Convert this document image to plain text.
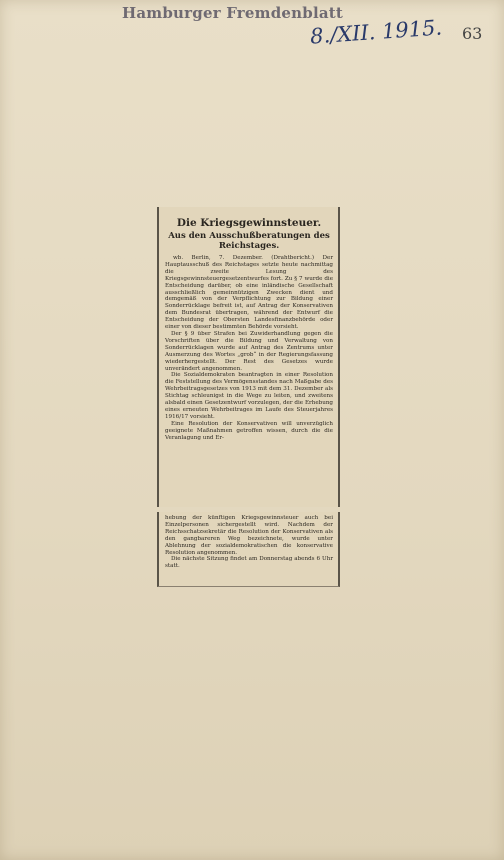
Hamburger Fremdenblatt
8./XII. 1915. 63
Die Kriegsgewinnsteuer.
Aus den Ausschußberatungen des Reichstages.

wb. Berlin, 7. Dezember. (Drahtbericht.) Der Hauptausschuß des Reichstages setzte heute nachmittag die zweite Lesung des Kriegsgewinnsteuergesetzentwurfes fort. Zu § 7 wurde die Entscheidung darüber, ob eine inländische Gesellschaft ausschließlich gemeinnützigen Zwecken dient und demgemäß von der Verpflichtung zur Bildung einer Sonderrücklage befreit ist, auf Antrag der Konservativen dem Bundesrat übertragen, während der Entwurf die Entscheidung der Obersten Landesfinanzbehörde oder einer von dieser bestimmten Behörde vorsieht.

Der § 9 über Strafen bei Zuwiderhandlung gegen die Vorschriften über die Bildung und Verwaltung von Sonderrücklagen wurde auf Antrag des Zentrums unter Ausmerzung des Wortes „grob“ in der Regierungsfassung wiederhergestellt. Der Rest des Gesetzes wurde unverändert angenommen.

Die Sozialdemokraten beantragten in einer Resolution die Feststellung des Vermögensstandes nach Maßgabe des Wehrbeitragsgesetzes von 1913 mit dem 31. Dezember als Stichtag schleunigst in die Wege zu leiten, und zweitens alsbald einen Gesetzentwurf vorzulegen, der die Erhebung eines erneuten Wehrbeitrages im Laufe des Steuerjahres 1916/17 vorsieht.

Eine Resolution der Konservativen will unverzüglich geeignete Maßnahmen getroffen wissen, durch die die Veranlagung und Er-

hebung der künftigen Kriegsgewinnsteuer auch bei Einzelpersonen sichergestellt wird. Nachdem der Reichsschatzsekretär die Resolution der Konservativen als den gangbareren Weg bezeichnete, wurde unter Ablehnung der sozialdemokratischen die konservative Resolution angenommen.

Die nächste Sitzung findet am Donnerstag abends 6 Uhr statt.
